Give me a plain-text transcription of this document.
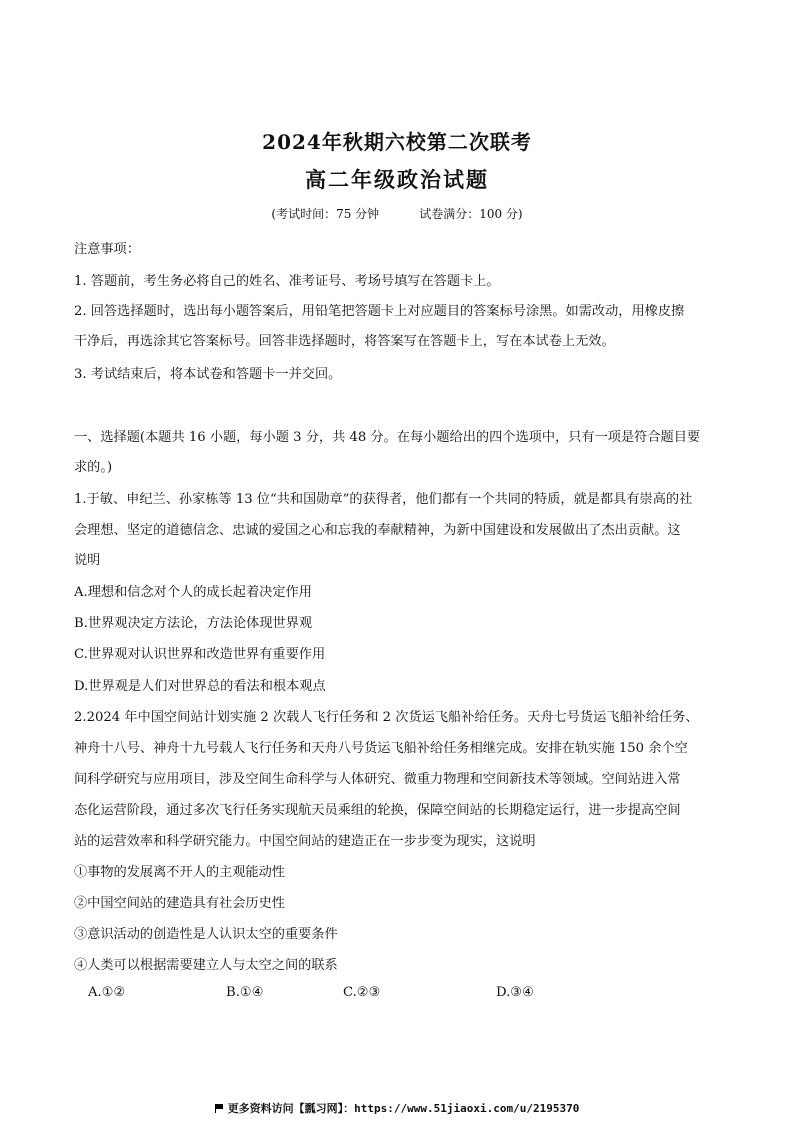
2024年秋期六校第二次联考
高二年级政治试题
(考试时间：75 分钟	试卷满分：100 分)
注意事项：
1. 答题前，考生务必将自己的姓名、准考证号、考场号填写在答题卡上。
2. 回答选择题时，选出每小题答案后，用铅笔把答题卡上对应题目的答案标号涂黑。如需改动，用橡皮擦
干净后，再选涂其它答案标号。回答非选择题时，将答案写在答题卡上，写在本试卷上无效。
3. 考试结束后，将本试卷和答题卡一并交回。
一、选择题(本题共 16 小题，每小题 3 分，共 48 分。在每小题给出的四个选项中，只有一项是符合题目要
求的。)
1.于敏、申纪兰、孙家栋等 13 位“共和国勋章”的获得者，他们都有一个共同的特质，就是都具有崇高的社
会理想、坚定的道德信念、忠诚的爱国之心和忘我的奉献精神，为新中国建设和发展做出了杰出贡献。这
说明
A.理想和信念对个人的成长起着决定作用
B.世界观决定方法论，方法论体现世界观
C.世界观对认识世界和改造世界有重要作用
D.世界观是人们对世界总的看法和根本观点
2.2024 年中国空间站计划实施 2 次载人飞行任务和 2 次货运飞船补给任务。天舟七号货运飞船补给任务、
神舟十八号、神舟十九号载人飞行任务和天舟八号货运飞船补给任务相继完成。安排在轨实施 150 余个空
间科学研究与应用项目，涉及空间生命科学与人体研究、微重力物理和空间新技术等领域。空间站进入常
态化运营阶段，通过多次飞行任务实现航天员乘组的轮换，保障空间站的长期稳定运行，进一步提高空间
站的运营效率和科学研究能力。中国空间站的建造正在一步步变为现实，这说明
①事物的发展离不开人的主观能动性
②中国空间站的建造具有社会历史性
③意识活动的创造性是人认识太空的重要条件
④人类可以根据需要建立人与太空之间的联系
A.①②	B.①④	C.②③	D.③④
更多资料访问【瓢习网】：https://www.51jiaoxi.com/u/2195370
